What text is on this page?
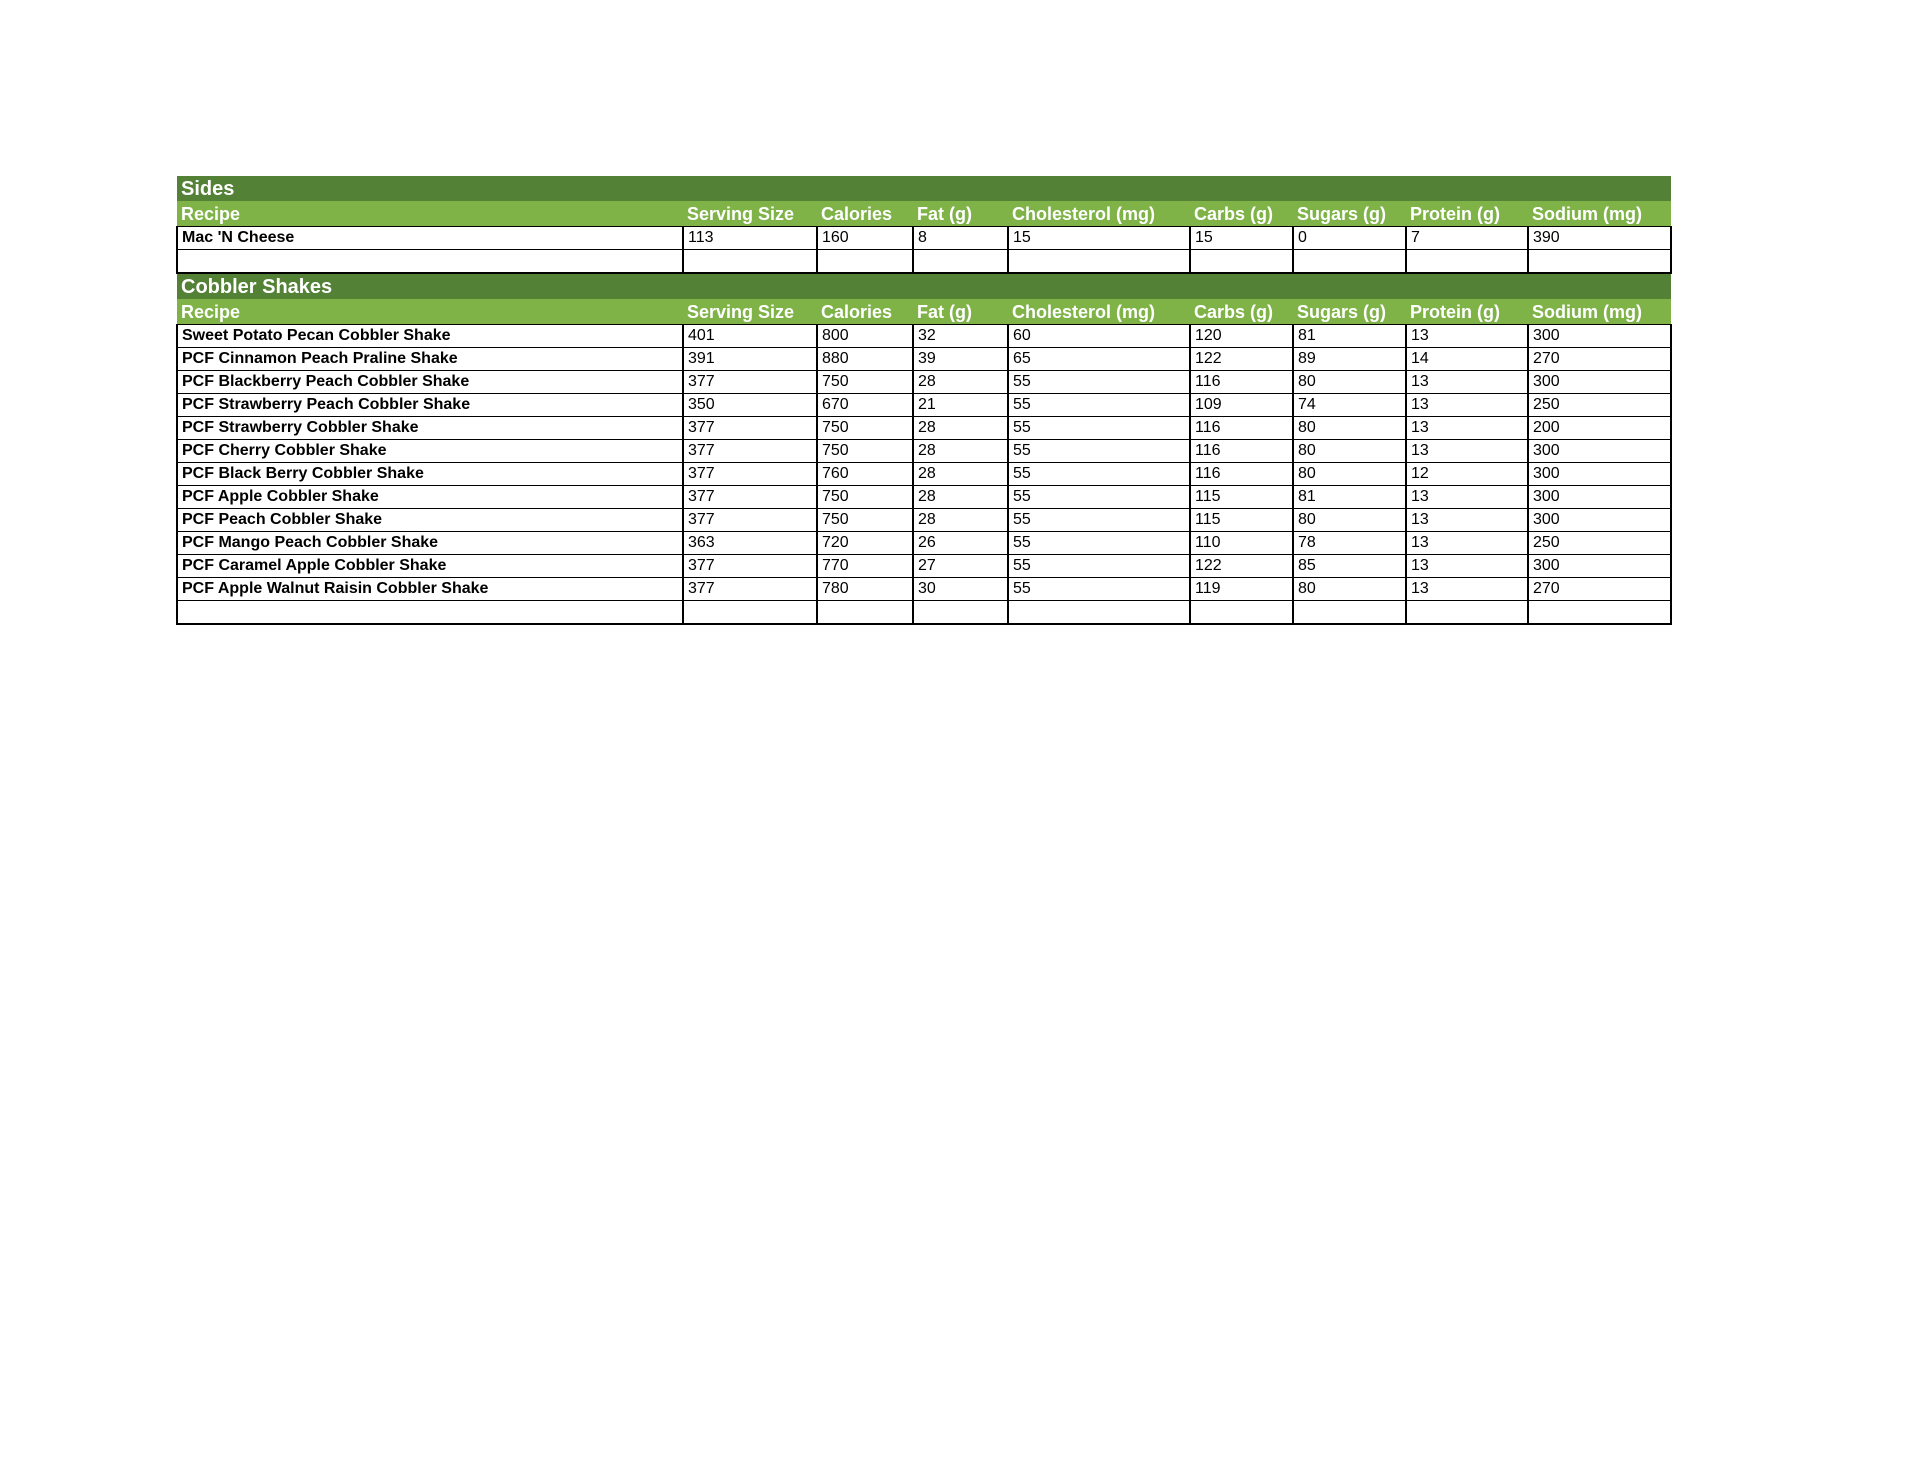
Sides								
Recipe	Serving Size	Calories	Fat (g)	Cholesterol (mg)	Carbs (g)	Sugars (g)	Protein (g)	Sodium (mg)
Mac 'N Cheese	113	160	8	15	15	0	7	390

Cobbler Shakes								
Recipe	Serving Size	Calories	Fat (g)	Cholesterol (mg)	Carbs (g)	Sugars (g)	Protein (g)	Sodium (mg)
Sweet Potato Pecan Cobbler Shake	401	800	32	60	120	81	13	300
PCF Cinnamon Peach Praline Shake	391	880	39	65	122	89	14	270
PCF Blackberry Peach Cobbler Shake	377	750	28	55	116	80	13	300
PCF Strawberry Peach Cobbler Shake	350	670	21	55	109	74	13	250
PCF Strawberry Cobbler Shake	377	750	28	55	116	80	13	200
PCF Cherry Cobbler Shake	377	750	28	55	116	80	13	300
PCF Black Berry Cobbler Shake	377	760	28	55	116	80	12	300
PCF Apple Cobbler Shake	377	750	28	55	115	81	13	300
PCF Peach Cobbler Shake	377	750	28	55	115	80	13	300
PCF Mango Peach Cobbler Shake	363	720	26	55	110	78	13	250
PCF Caramel Apple Cobbler Shake	377	770	27	55	122	85	13	300
PCF Apple Walnut Raisin Cobbler Shake	377	780	30	55	119	80	13	270
